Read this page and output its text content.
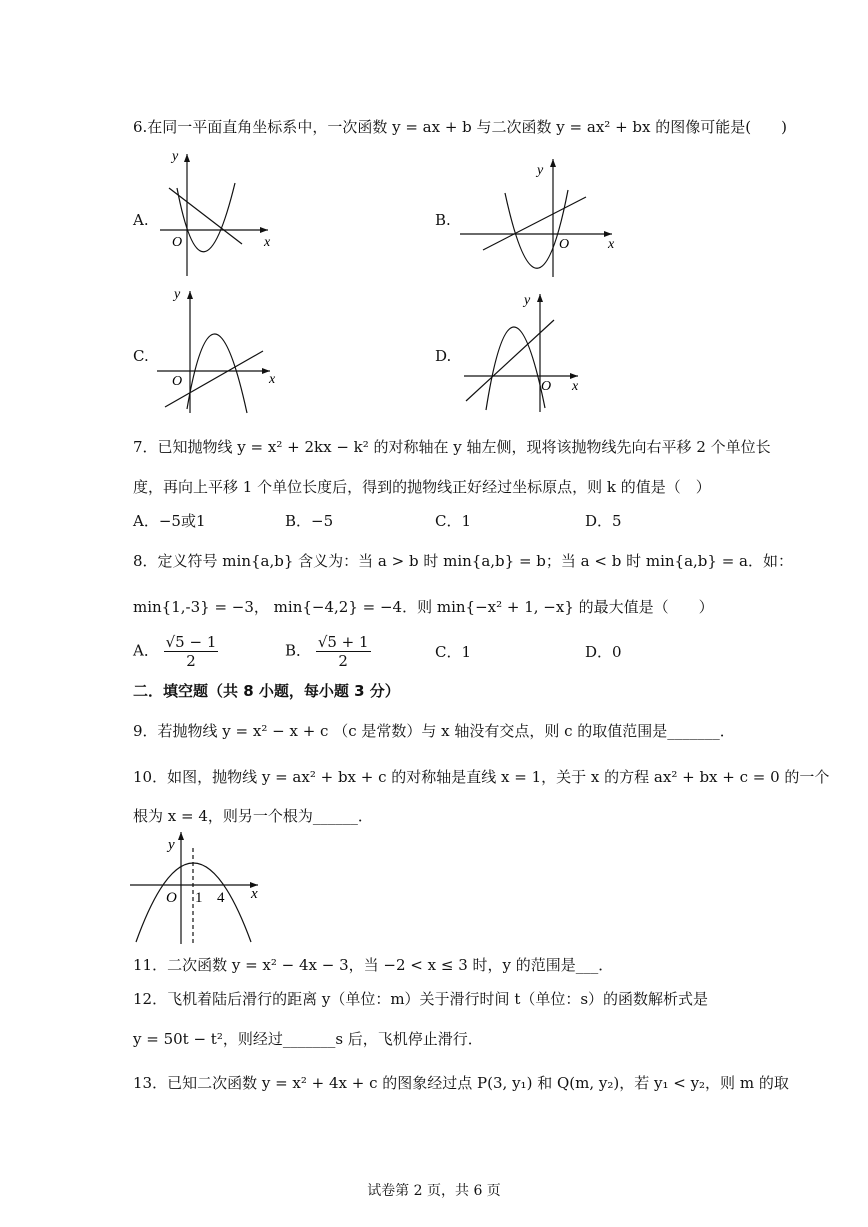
6.在同一平面直角坐标系中，一次函数 y = ax + b 与二次函数 y = ax² + bx 的图像可能是(　　)
A.
O	x
y
B.
O	x
y
C.
O	x
y
D.
O x
y
7．已知抛物线 y = x² + 2kx − k² 的对称轴在 y 轴左侧，现将该抛物线先向右平移 2 个单位长
度，再向上平移 1 个单位长度后，得到的抛物线正好经过坐标原点，则 k 的值是（　）
A．−5或1	B．−5	C．1	D．5
8．定义符号 min{a,b} 含义为：当 a > b 时 min{a,b} = b；当 a < b 时 min{a,b} = a．如：
min{1,-3} = −3， min{−4,2} = −4．则 min{−x² + 1, −x} 的最大值是（　　）
A． $\frac{√5 - 1}{2}$	B． $\frac{√5 + 1}{2}$	C．1	D．0
二．填空题（共 8 小题，每小题 3 分）
9．若抛物线 y = x² − x + c （c 是常数）与 x 轴没有交点，则 c 的取值范围是_______．
10．如图，抛物线 y = ax² + bx + c 的对称轴是直线 x = 1，关于 x 的方程 ax² + bx + c = 0 的一个
根为 x = 4，则另一个根为______．
y
x
O 1 4
11．二次函数 y = x² − 4x − 3，当 −2 < x ≤ 3 时，y 的范围是___．
12．飞机着陆后滑行的距离 y（单位：m）关于滑行时间 t（单位：s）的函数解析式是
y = 50t − t²，则经过_______s 后，飞机停止滑行．
13．已知二次函数 y = x² + 4x + c 的图象经过点 P(3, y₁) 和 Q(m, y₂)，若 y₁ < y₂，则 m 的取
试卷第 2 页，共 6 页
